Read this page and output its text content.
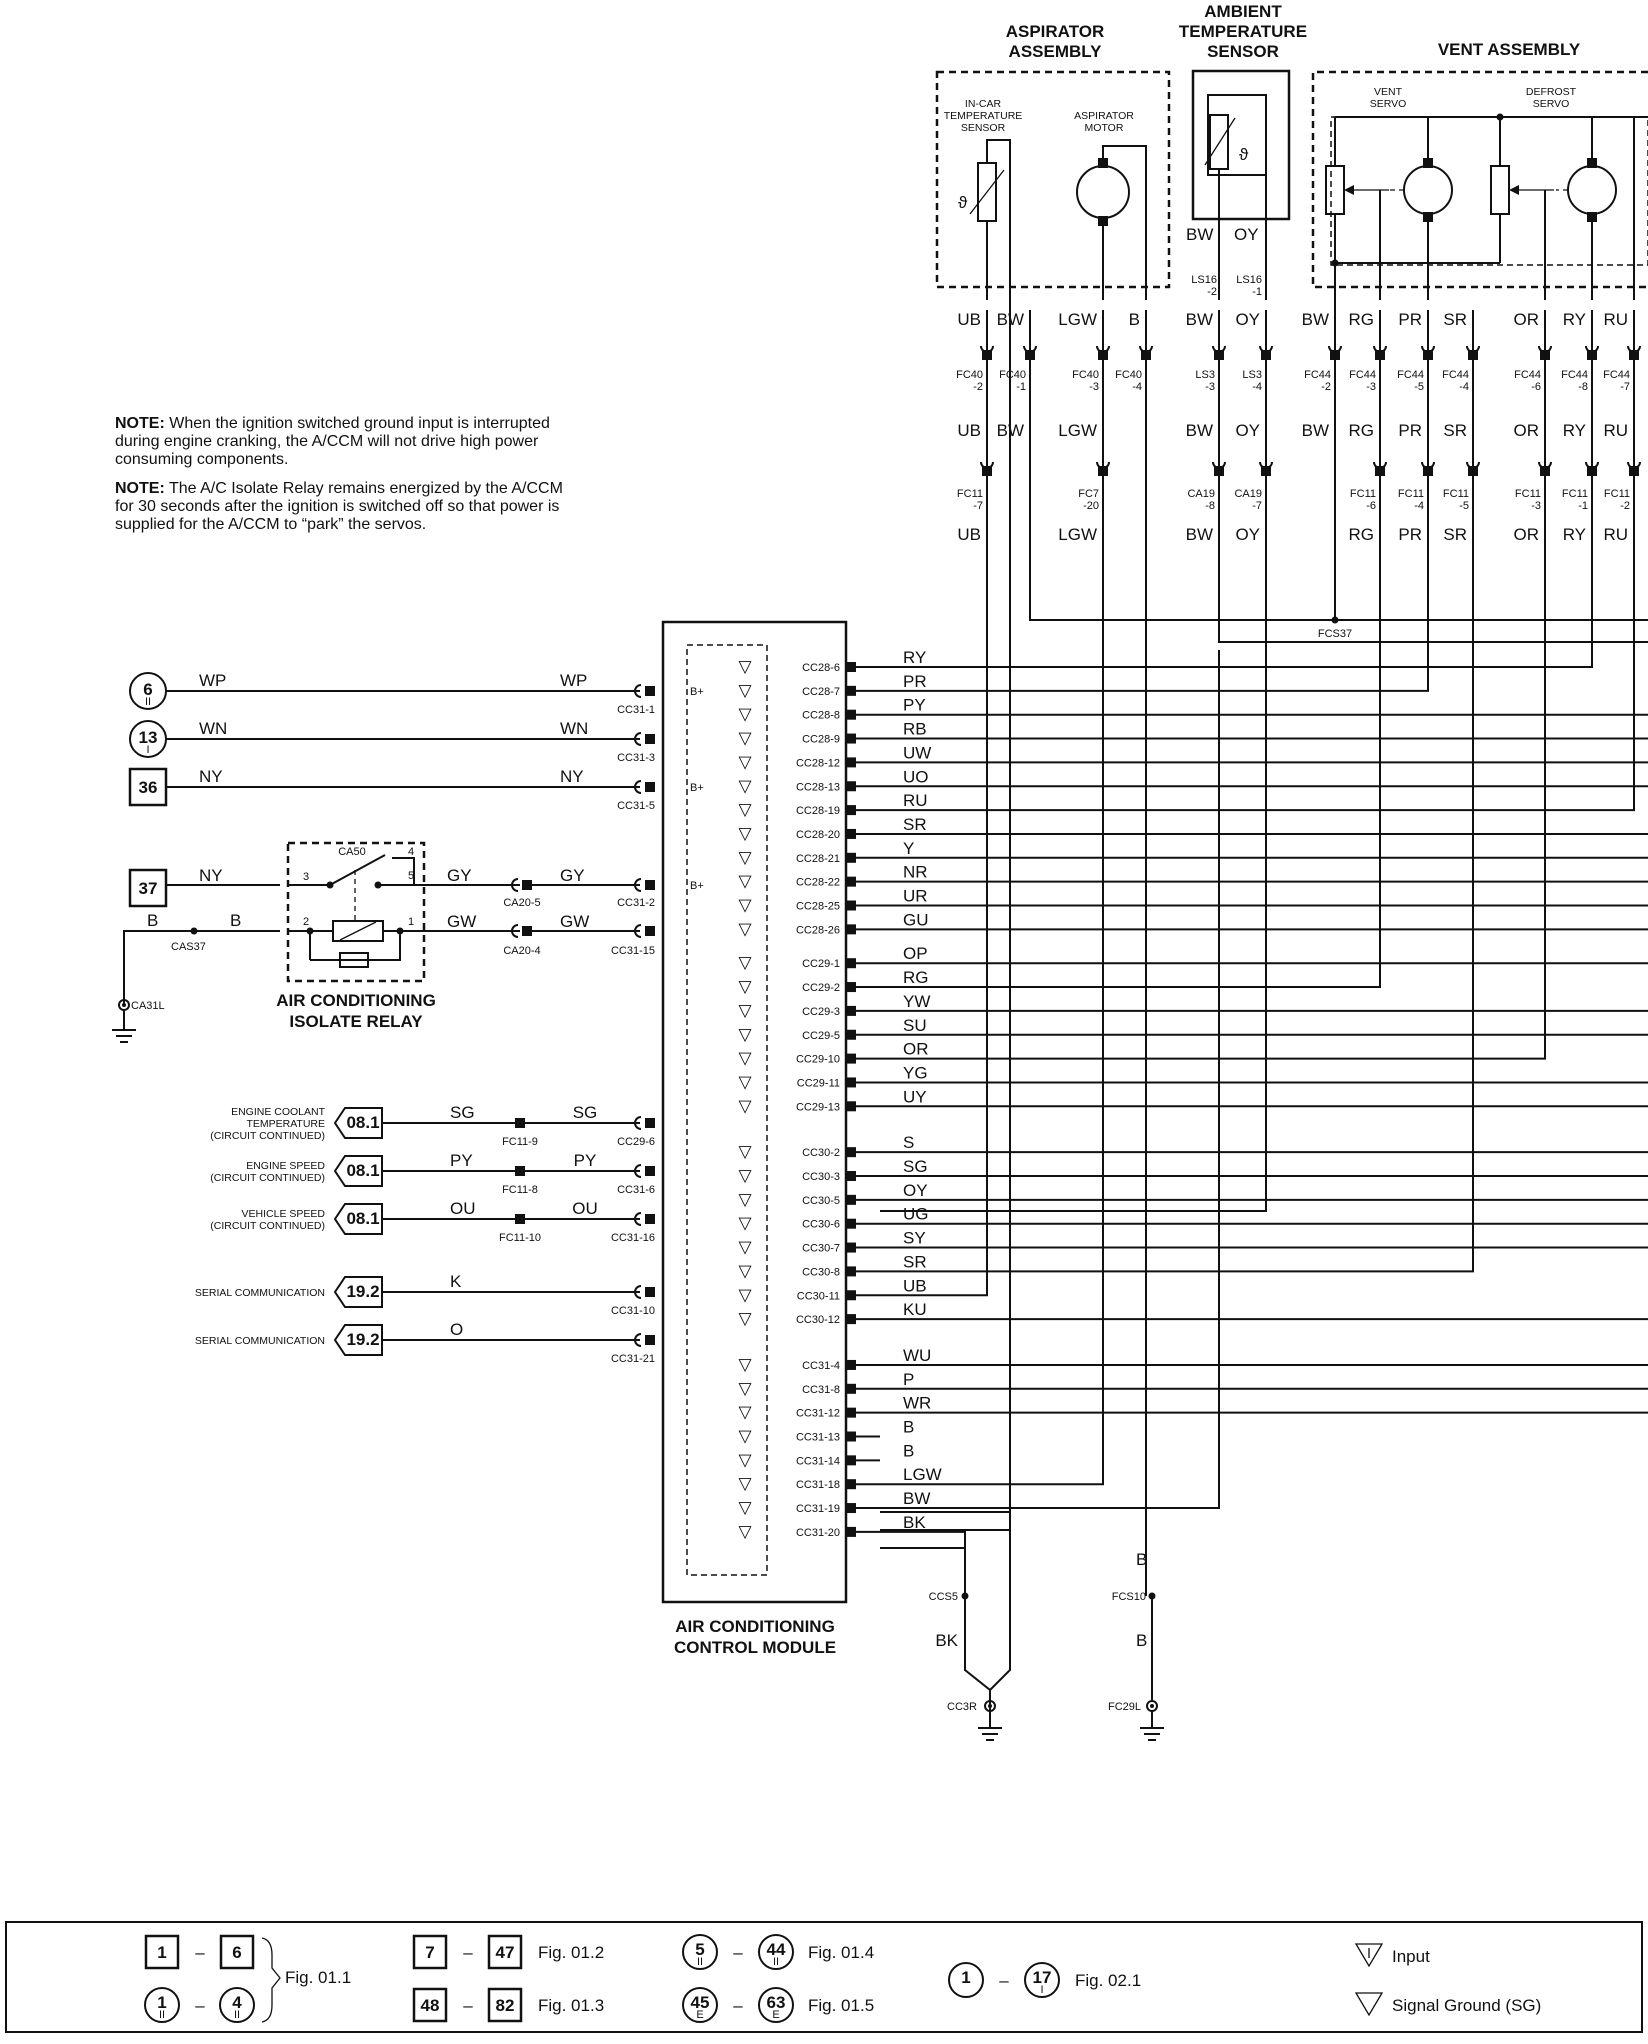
ASPIRATOR
ASSEMBLY
AMBIENT
TEMPERATURE
SENSOR	VENT ASSEMBLY
IN-CAR
TEMPERATURE
SENSOR
ASPIRATOR
MOTOR
ϑ
ϑ
BW OY
LS16
-2
LS16
-1
VENT
SERVO
DEFROST
SERVO
UB
FC40
-2
BW
FC40
-1
LGW
FC40
-3
B
FC40
-4
BW
LS3
-3
OY
LS3
-4
BW
FC44
-2
RG
FC44
-3
PR
FC44
-5
SR
FC44
-4
OR
FC44
-6
RY
FC44
-8
RU
FC44
-7
UB BW LGW	BW OY BW RG PR SR	OR RY RU
FC11
-7
UB
FC7
-20
LGW
CA19
-8
BW
CA19
-7
OY
FC11
-6
RG
FC11
-4
PR
FC11
-5
SR
FC11
-3
OR
FC11
-1
RY
FC11
-2
RU
FCS37
NOTE: When the ignition switched ground input is interrupted
during engine cranking, the A/CCM will not drive high power
consuming components.
NOTE: The A/C Isolate Relay remains energized by the A/CCM
for 30 seconds after the ignition is switched off so that power is
supplied for the A/CCM to “park” the servos.
AIR CONDITIONING
CONTROL MODULE
▽	CC28-6
RY
▽	CC28-7
PR
▽	CC28-8
PY
▽	CC28-9
RB
▽	CC28-12
UW
▽	CC28-13
UO
▽	CC28-19
RU
▽	CC28-20
SR
▽	CC28-21
Y
▽	CC28-22
NR
▽	CC28-25
UR
▽	CC28-26
GU
▽	CC29-1
OP
▽	CC29-2
RG
▽	CC29-3
YW
▽	CC29-5
SU
▽	CC29-10
OR
▽	CC29-11
YG
▽	CC29-13
UY
▽	CC30-2
S
▽	CC30-3
SG
▽	CC30-5
OY
▽	CC30-6
UG
▽	CC30-7
SY
▽	CC30-8
SR
▽	CC30-11
UB
▽	CC30-12
KU
▽	CC31-4
WU
▽	CC31-8
P
▽	CC31-12
WR
▽	CC31-13
B
▽	CC31-14
B
▽	CC31-18
LGW
▽	CC31-19
BW
▽	CC31-20
BK
6
II
WP	WP
CC31-1
B+
13
I
WN	WN
CC31-3
36
NY	NY
CC31-5
B+
37
NY
CA50
3
4
5
2	1
AIR CONDITIONING
ISOLATE RELAY
B	B
CAS37
CA31L
GY	GY
CA20-5	CC31-2
GW	GW
CA20-4	CC31-15
B+
ENGINE COOLANT
TEMPERATURE
(CIRCUIT CONTINUED)
08.1
SG
FC11-9
SG
CC29-6
ENGINE SPEED
(CIRCUIT CONTINUED) 08.1
PY
FC11-8
PY
CC31-6
VEHICLE SPEED
(CIRCUIT CONTINUED) 08.1
OU
FC11-10
OU
CC31-16
SERIAL COMMUNICATION 19.2
K
CC31-10
SERIAL COMMUNICATION 19.2
O
CC31-21
CCS5
BK
CC3R
B
FCS10
B
FC29L
1 – 6
1
II – 4
II
Fig. 01.1
7 – 47 Fig. 01.2
48 – 82 Fig. 01.3
5
II – 44
II Fig. 01.4
45
E – 63
E Fig. 01.5
1 – 17
I Fig. 02.1
Input
Signal Ground (SG)
